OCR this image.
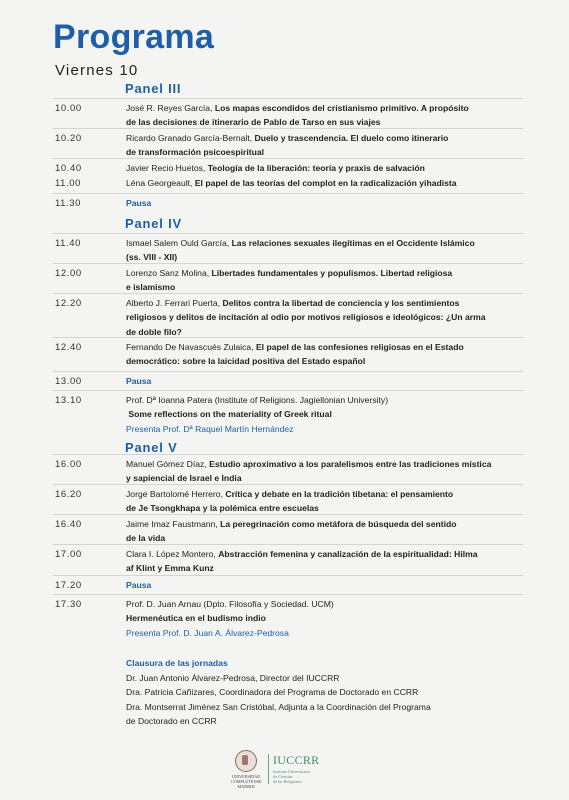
Programa
Viernes 10
Panel III
10.00	José R. Reyes García, Los mapas escondidos del cristianismo primitivo. A propósito
de las decisiones de itinerario de Pablo de Tarso en sus viajes
10.20	Ricardo Granado García-Bernalt, Duelo y trascendencia. El duelo como itinerario
de transformación psicoespiritual
10.40	Javier Recio Huetos, Teología de la liberación: teoría y praxis de salvación
11.00	Léna Georgeault, El papel de las teorías del complot en la radicalización yihadista
11.30	Pausa
Panel IV
11.40	Ismael Salem Ould García, Las relaciones sexuales ilegítimas en el Occidente Islámico
(ss. VIII - XII)
12.00	Lorenzo Sanz Molina, Libertades fundamentales y populismos. Libertad religiosa
e islamismo
12.20	Alberto J. Ferrari Puerta, Delitos contra la libertad de conciencia y los sentimientos
religiosos y delitos de incitación al odio por motivos religiosos e ideológicos: ¿Un arma
de doble filo?
12.40	Fernando De Navascués Zulaica, El papel de las confesiones religiosas en el Estado
democrático: sobre la laicidad positiva del Estado español
13.00	Pausa
13.10	Prof. Dª Ioanna Patera (Institute of Religions. Jagiellonian University)
Some reflections on the materiality of Greek ritual
Presenta Prof. Dª Raquel Martín Hernández
Panel V
16.00	Manuel Gómez Díaz, Estudio aproximativo a los paralelismos entre las tradiciones mística
y sapiencial de Israel e India
16.20	Jorge Bartolomé Herrero, Crítica y debate en la tradición tibetana: el pensamiento
de Je Tsongkhapa y la polémica entre escuelas
16.40	Jaime Imaz Faustmann, La peregrinación como metáfora de búsqueda del sentido
de la vida
17.00	Clara I. López Montero, Abstracción femenina y canalización de la espiritualidad: Hilma
af Klint y Emma Kunz
17.20	Pausa
17.30	Prof. D. Juan Arnau (Dpto. Filosofía y Sociedad. UCM)
Hermenéutica en el budismo indio
Presenta Prof. D. Juan A. Álvarez-Pedrosa
Clausura de las jornadas
Dr. Juan Antonio Álvarez-Pedrosa, Director del IUCCRR
Dra. Patricia Cañizares, Coordinadora del Programa de Doctorado en CCRR
Dra. Montserrat Jiménez San Cristóbal, Adjunta a la Coordinación del Programa
de Doctorado en CCRR
UNIVERSIDAD
COMPLUTENSE
MADRID
IUCCRR
Instituto Universitario
de Ciencias
de las Religiones
